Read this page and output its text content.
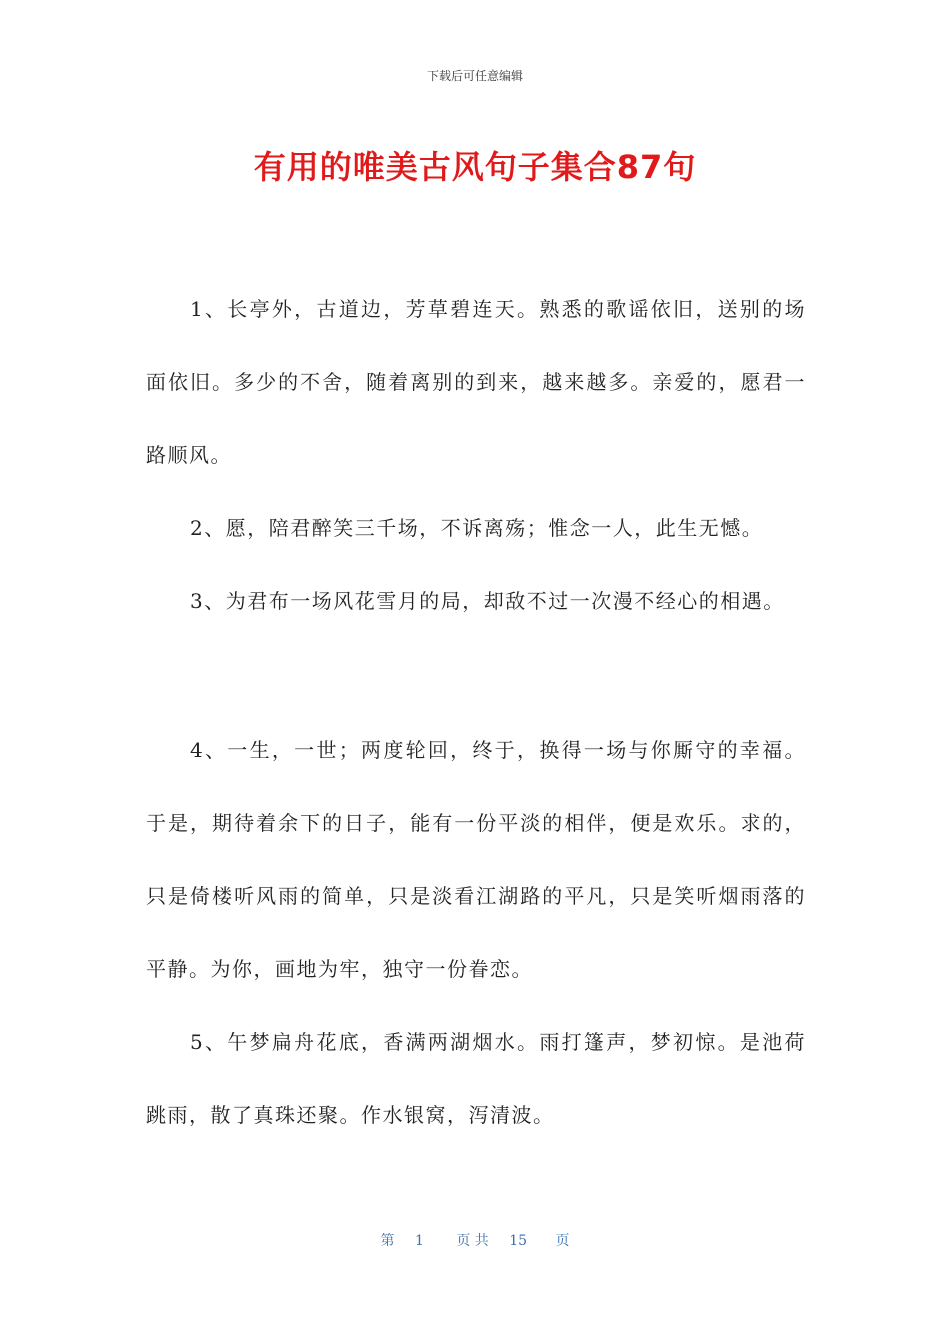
下载后可任意编辑
有用的唯美古风句子集合87句

1、长亭外，古道边，芳草碧连天。熟悉的歌谣依旧，送别的场面依旧。多少的不舍，随着离别的到来，越来越多。亲爱的，愿君一路顺风。

2、愿，陪君醉笑三千场，不诉离殇；惟念一人，此生无憾。

3、为君布一场风花雪月的局，却敌不过一次漫不经心的相遇。

4、一生，一世；两度轮回，终于，换得一场与你厮守的幸福。于是，期待着余下的日子，能有一份平淡的相伴，便是欢乐。求的，只是倚楼听风雨的简单，只是淡看江湖路的平凡，只是笑听烟雨落的平静。为你，画地为牢，独守一份眷恋。

5、午梦扁舟花底，香满两湖烟水。雨打篷声，梦初惊。是池荷跳雨，散了真珠还聚。作水银窝，泻清波。

第 1 页 共 15 页
